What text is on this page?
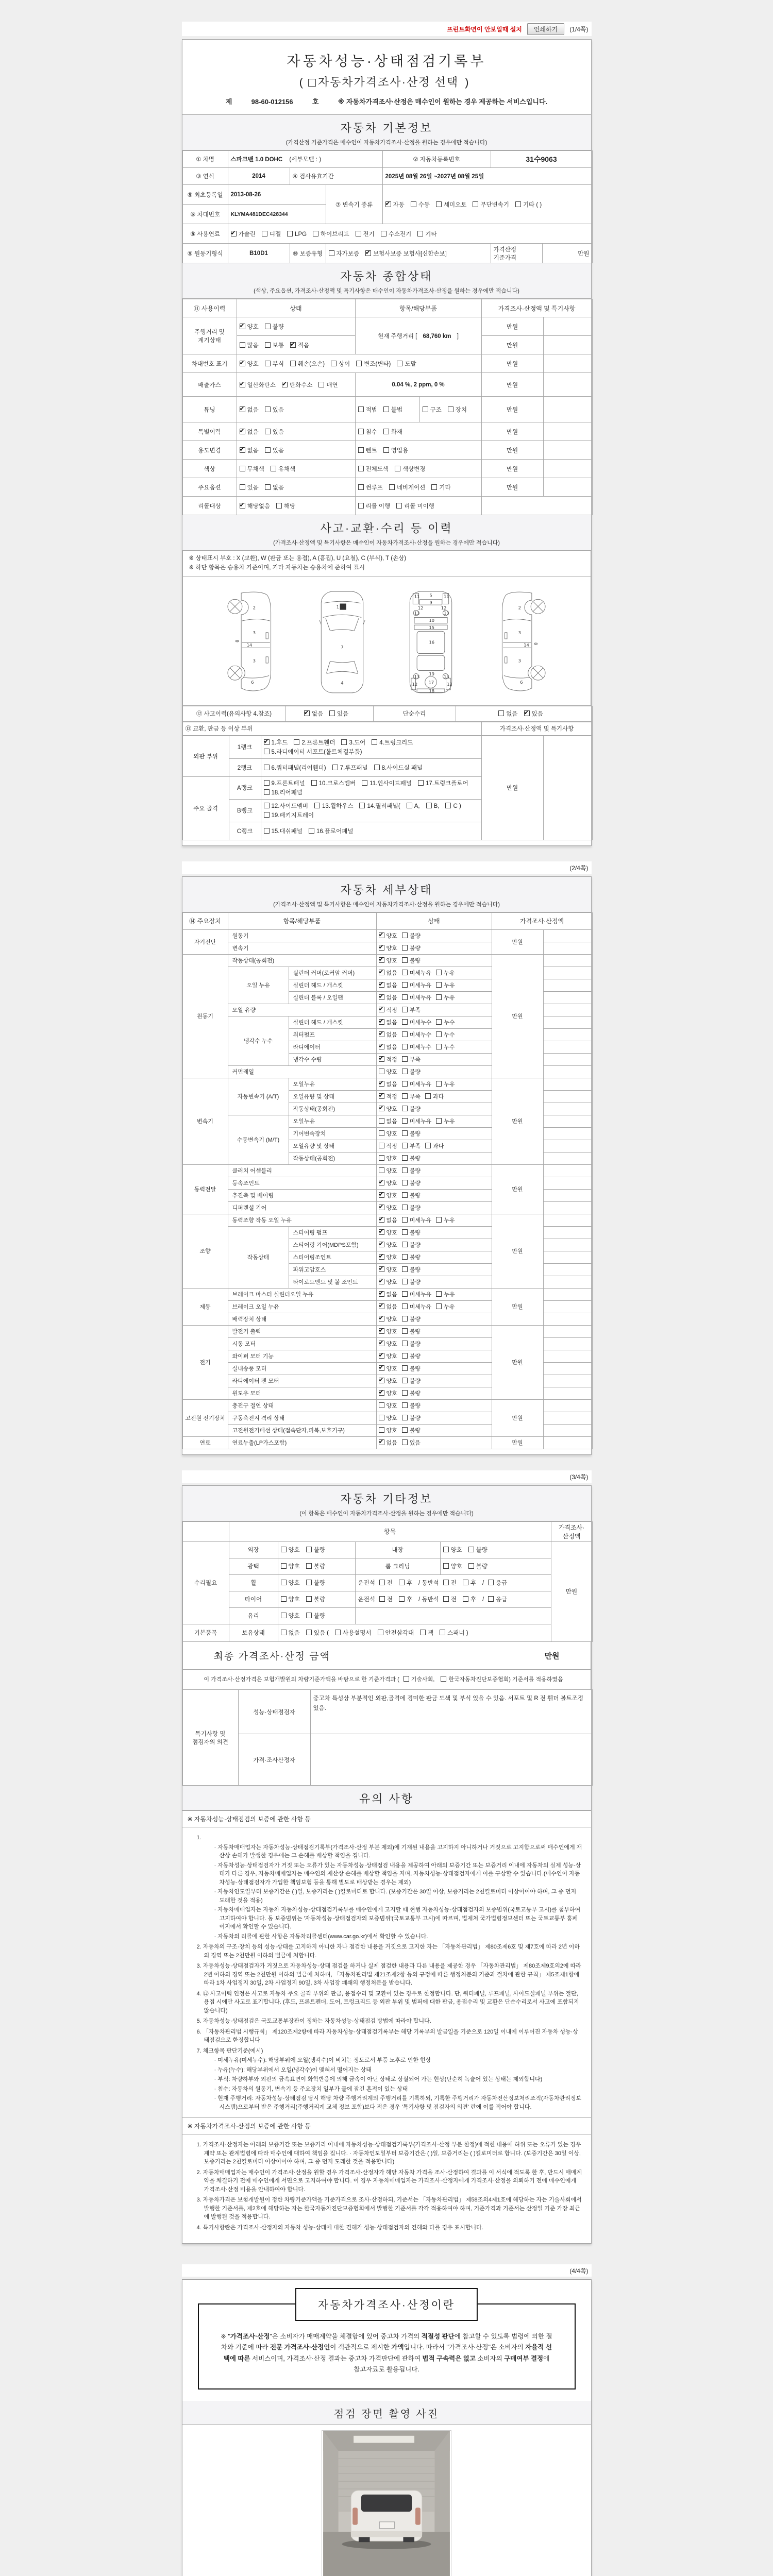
프린트화면이 안보일때 설치	인쇄하기	(1/4쪽)
자동차성능·상태점검기록부
( 자동차가격조사·산정 선택 )
제	98-60-012156	호	※ 자동차가격조사·산정은 매수인이 원하는 경우 제공하는 서비스입니다.
자동차 기본정보
(가격산정 기준가격은 매수인이 자동차가격조사·산정을 원하는 경우에만 적습니다)
① 차명	스파크밴 1.0 DOHC (세부모델 : )			② 자동차등록번호	31수9063	
③ 연식	2014	④ 검사유효기간		2025년 08월 26일 ~2027년 08월 25일		
⑤ 최초등록일	2013-08-26		⑦ 변속기 종류	✔자동 수동 세미오토 무단변속기 기타 ( )
⑥ 차대번호	KLYMA481DEC428344					
⑧ 사용연료	✔가솔린 디젤 LPG 하이브리드 전기 수소전기 기타
⑨ 원동기형식	B10D1	⑩ 보증유형	자가보증 ✔ 보험사보증 보험사[신한손보]		가격산정 기준가격	만원
자동차 종합상태
(색상, 주요옵션, 가격조사·산정액 및 특기사항은 매수인이 자동차가격조사·산정을 원하는 경우에만 적습니다)
⑪ 사용이력	상태	항목/해당부품		가격조사·산정액 및 특기사항	
주행거리 및 계기상태	✔양호 불량	현재 주행거리 [ 68,760 km ]		만원	
	많음 보통 ✔ 적음			만원	
차대번호 표기	✔양호 부식 훼손(오손) 상이 변조(변타) 도말			만원	
배출가스	✔일산화탄소 ✔ 탄화수소 매연	0.04 %, 2 ppm, 0 %		만원	
튜닝	✔없음 있음	적법 불법	구조 장치	만원	
특별이력	✔없음 있음	침수 화재		만원	
용도변경	✔없음 있음	렌트 영업용		만원	
색상	무채색 유채색	전체도색 색상변경		만원	
주요옵션	있음 없음	썬루프 네비게이션 기타		만원	
리콜대상	✔해당없음 해당	리콜 이행 리콜 미이행			
사고·교환·수리 등 이력
(가격조사·산정액 및 특기사항은 매수인이 자동차가격조사·산정을 원하는 경우에만 적습니다)
※ 상태표시 부호 : X (교환), W (판금 또는 용접), A (흠집), U (요철), C (부식), T (손상)
※ 하단 항목은 승용차 기준이며, 기타 자동차는 승용차에 준하여 표시
2
3
14
3
6
8
1 X
7
4
11	11
5
9
12	12
13	13
10
15
16
19
13	13
12	12
17
18
2
3
14
3
6
8
⑫ 사고이력(유의사항 4.참조)	✔없음 있음	단순수리	없음 ✔ 있음
⑬ 교환, 판금 등 이상 부위	가격조사·산정액 및 특기사항
외판 부위	1랭크	✔1.후드 2.프론트휀더 3.도어 4.트렁크리드5.라디에이터 서포트(볼트체결부품)	만원	
	2랭크	6.쿼터패널(리어휀더) 7.루프패널 8.사이드실 패널		
주요 골격	A랭크	9.프론트패널 10.크로스멤버 11.인사이드패널 17.트렁크플로어18.리어패널		
	B랭크	12.사이드멤버 13.휠하우스 14.필러패널( A, B, C )19.패키지트레이		
	C랭크	15.대쉬패널 16.플로어패널		
(2/4쪽)
자동차 세부상태
(가격조사·산정액 및 특기사항은 매수인이 자동차가격조사·산정을 원하는 경우에만 적습니다)
⑭ 주요장치	항목/해당부품		상태	가격조사·산정액	
자기진단	원동기	✔양호 불량	만원	
	변속기	✔양호 불량	
원동기	작동상태(공회전)	✔양호 불량	만원	
	오일 누유	실린더 커버(로커암 커버)	✔없음 미세누유 누유	
		실린더 헤드 / 개스킷	✔없음 미세누유 누유	
		실린더 블록 / 오일팬	✔없음 미세누유 누유	
	오일 유량	✔적정 부족	
	냉각수 누수	실린더 헤드 / 개스킷	✔없음 미세누수 누수	
		워터펌프	✔없음 미세누수 누수	
		라디에이터	✔없음 미세누수 누수	
		냉각수 수량	✔적정 부족	
	커먼레일		양호 불량		
변속기	자동변속기 (A/T)	오일누유	✔없음 미세누유 누유	만원	
		오일유량 및 상태	✔적정 부족 과다	
		작동상태(공회전)	✔양호 불량	
	수동변속기 (M/T)	오일누유	없음 미세누유 누유		
		기어변속장치	양호 불량		
		오일유량 및 상태	적정 부족 과다		
		작동상태(공회전)	양호 불량		
동력전달	클러치 어셈블리		양호 불량	만원	
	등속조인트	✔양호 불량	
	추진축 및 베어링	✔양호 불량	
	디퍼렌셜 기어	✔양호 불량	
조향	동력조향 작동 오일 누유	✔없음 미세누유 누유	만원	
	작동상태	스티어링 펌프	✔양호 불량	
		스티어링 기어(MDPS포함)	✔양호 불량	
		스티어링조인트	✔양호 불량	
		파워고압호스	✔양호 불량	
		타이로드엔드 및 볼 조인트	✔양호 불량	
제동	브레이크 마스터 실린더오일 누유	✔없음 미세누유 누유	만원	
	브레이크 오일 누유	✔없음 미세누유 누유	
	배력장치 상태	✔양호 불량	
전기	발전기 출력	✔양호 불량	만원	
	시동 모터	✔양호 불량	
	와이퍼 모터 기능	✔양호 불량	
	실내송풍 모터	✔양호 불량	
	라디에이터 팬 모터	✔양호 불량	
	윈도우 모터	✔양호 불량	
고전원 전기장치	충전구 절연 상태		양호 불량	만원	
	구동축전지 격리 상태		양호 불량		
	고전원전기배선 상태(접속단자,피복,보호기구)		양호 불량		
연료	연료누출(LP가스포함)	✔없음 있음	만원	
(3/4쪽)
자동차 기타정보
(이 항목은 매수인이 자동차가격조사·산정을 원하는 경우에만 적습니다)
	항목				가격조사·산정액
수리필요	외장	양호 불량	내장	양호 불량	만원
	광택	양호 불량	룸 크리닝	양호 불량	
	휠	양호 불량	운전석 전 후 / 동반석 전 후 / 응급		
	타이어	양호 불량	운전석 전 후 / 동반석 전 후 / 응급		
	유리	양호 불량			
기본품목	보유상태	없음 있음 ( 사용설명서 안전삼각대 잭 스패너 )			
최종 가격조사·산정 금액	만원
이 가격조사·산정가격은 보험개발원의 차량기준가액을 바탕으로 한 기준가격과 ( 기술사회, 한국자동차진단보증협회) 기준서를 적용하였음
특기사항 및 점검자의 의견	성능·상태점검자	중고차 특성상 부분적인 외판,골격에 경미한 판금 도색 및 부식 있을 수 있음. 서포트 및 R 전 휀더 볼트조정 있음.
	가격·조사산정자	
유의 사항
※ 자동차성능·상태점검의 보증에 관한 사항 등
1.
· 자동차매매업자는 자동차성능·상태점검기록부(가격조사·산정 부분 제외)에 기재된 내용을 고지하지 아니하거나 거짓으로 고지함으로써 매수인에게 재산상 손해가 발생한 경우에는 그 손해를 배상할 책임을 집니다.
· 자동차성능·상태점검자가 거짓 또는 오류가 있는 자동차성능·상태점검 내용을 제공하여 아래의 보증기간 또는 보증거리 이내에 자동차의 실제 성능·상태가 다른 경우, 자동차매매업자는 매수인의 재산상 손해를 배상할 책임을 지며, 자동차성능·상태점검자에게 이를 구상할 수 있습니다.(매수인이 자동차성능·상태점검자가 가입한 책임보험 등을 통해 별도로 배상받는 경우는 제외)
· 자동차인도일부터 보증기간은 ( )일, 보증거리는 ( )킬로미터로 합니다. (보증기간은 30일 이상, 보증거리는 2천킬로미터 이상이어야 하며, 그 중 먼저 도래한 것을 적용)
· 자동차매매업자는 자동차 자동차성능·상태점검기록부를 매수인에게 고지할 때 현행 자동차성능·상태점검자의 보증범위(국토교통부 고시)를 첨부하여 고지하여야 합니다. 동 보증범위는 '자동차성능·상태점검자의 보증범위'(국토교통부 고시)에 따르며, 법제처 국가법령정보센터 또는 국토교통부 홈페이지에서 확인할 수 있습니다.
· 자동차의 리콜에 관한 사항은 자동차리콜센터(www.car.go.kr)에서 확인할 수 있습니다.
2. 자동차의 구조·장치 등의 성능·상태를 고지하지 아니한 자나 점검한 내용을 거짓으로 고지한 자는 「자동차관리법」 제80조제6호 및 제7호에 따라 2년 이하의 징역 또는 2천만원 이하의 벌금에 처합니다.
3. 자동차성능·상태점검자가 거짓으로 자동차성능·상태 점검을 하거나 실제 점검한 내용과 다른 내용을 제공한 경우 「자동차관리법」 제80조제9호의2에 따라 2년 이하의 징역 또는 2천만원 이하의 벌금에 처하며, 「자동차관리법 제21조제2항 등의 규정에 따른 행정처분의 기준과 절차에 관한 규칙」 제5조제1항에 따라 1차 사업정지 30일, 2차 사업정지 90일, 3차 사업장 폐쇄의 행정처분을 받습니다.
4. ⑫ 사고이력 인정은 사고로 자동차 주요 골격 부위의 판금, 용접수리 및 교환이 있는 경우로 한정합니다. 단, 쿼터패널, 루프패널, 사이드실패널 부위는 절단, 용접 시에만 사고로 표기합니다. (후드, 프론트펜더, 도어, 트렁크리드 등 외판 부위 및 범퍼에 대한 판금, 용접수리 및 교환은 단순수리로서 사고에 포함되지 않습니다)
5. 자동차성능·상태점검은 국토교통부장관이 정하는 자동차성능·상태점검 방법에 따라야 합니다.
6. 「자동차관리법 시행규칙」 제120조제2항에 따라 자동차성능·상태점검기록부는 해당 기록부의 발급일을 기준으로 120일 이내에 이루어진 자동차 성능·상태점검으로 한정합니다
7. 체크항목 판단기준(예시)
· 미세누유(미세누수): 해당부위에 오일(냉각수)이 비치는 정도로서 부품 노후로 인한 현상
· 누유(누수): 해당부위에서 오일(냉각수)이 맺혀서 떨어지는 상태
· 부식: 차량하부와 외판의 금속표면이 화학반응에 의해 금속이 아닌 상태로 상실되어 가는 현상(단순히 녹슬어 있는 상태는 제외합니다)
· 침수: 자동차의 원동기, 변속기 등 주요장치 일부가 물에 잠긴 흔적이 있는 상태
· 현재 주행거리: 자동차성능·상태점검 당시 해당 차량 주행거리계의 주행거리를 기록하되, 기록한 주행거리가 자동차전산정보처리조직(자동차관리정보시스템)으로부터 받은 주행거리(주행거리계 교체 정보 포함)보다 적은 경우 '특기사항 및 점검자의 의견' 란에 이를 적어야 합니다.
※ 자동차가격조사·산정의 보증에 관한 사항 등
1. 가격조사·산정자는 아래의 보증기간 또는 보증거리 이내에 자동차성능·상태점검기록부(가격조사·산정 부분 한정)에 적힌 내용에 허위 또는 오류가 있는 경우 계약 또는 관계법령에 따라 매수인에 대하여 책임을 집니다. · 자동차인도일부터 보증기간은 ( )일, 보증거리는 ( )킬로미터로 합니다. (보증기간은 30일 이상, 보증거리는 2천킬로미터 이상이어야 하며, 그 중 먼저 도래한 것을 적용합니다)
2. 자동차매매업자는 매수인이 가격조사·산정을 원할 경우 가격조사·산정자가 해당 자동차 가격을 조사·산정하여 결과를 이 서식에 적도록 한 후, 반드시 매매계약을 체결하기 전에 매수인에게 서면으로 고지하여야 합니다. 이 경우 자동차매매업자는 가격조사·산정자에게 가격조사·산정을 의뢰하기 전에 매수인에게 가격조사·산정 비용을 안내하여야 합니다.
3. 자동차가격은 보험개발원이 정한 차량기준가액을 기준가격으로 조사·산정하되, 기준서는 「자동차관리법」 제58조의4제1호에 해당하는 자는 기술사회에서 발행한 기준서를, 제2호에 해당하는 자는 한국자동차진단보증협회에서 발행한 기준서를 각각 적용하여야 하며, 기준가격과 기준서는 산정일 기준 가장 최근에 발행된 것을 적용합니다.
4. 특기사항란은 가격조사·산정자의 자동차 성능·상태에 대한 견해가 성능·상태점검자의 견해와 다를 경우 표시합니다.
(4/4쪽)
※ "가격조사·산정"은 소비자가 매매계약을 체결함에 있어 중고차 가격의 적절성 판단에 참고할 수 있도록 법령에 의한 절차와 기준에 따라 전문 가격조사·산정인이 객관적으로 제시한 가액입니다. 따라서 "가격조사·산정"은 소비자의 자율적 선택에 따른 서비스이며, 가격조사·산정 결과는 중고차 가격판단에 관하여 법적 구속력은 없고 소비자의 구매여부 결정에 참고자료로 활용됩니다.
자동차가격조사·산정이란
점검 장면 촬영 사진
